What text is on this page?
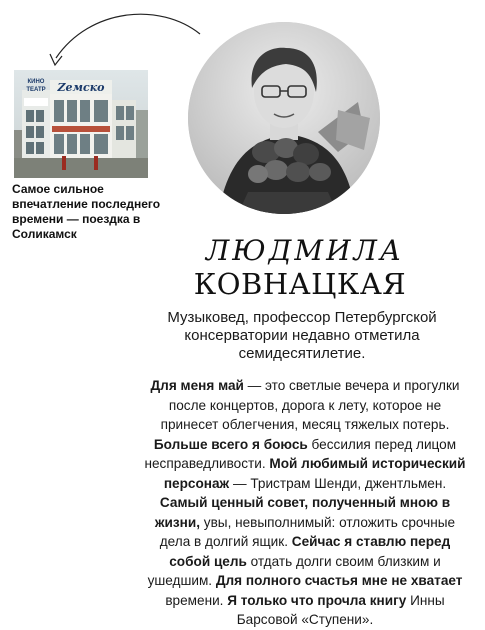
КИНО
ТЕАТР Zeмско
Самое сильное впечатление последнего времени — поездка в Соликамск	ЛЮДМИЛА
КОВНАЦКАЯ
Музыковед, профессор Петербургской консерватории недавно отметила семидесятилетие.
Для меня май — это светлые вечера и прогулки после концертов, дорога к лету, которое не принесет облегчения, месяц тяжелых потерь. Больше всего я боюсь бессилия перед лицом несправедливости. Мой любимый исторический персонаж — Тристрам Шенди, джентльмен. Самый ценный совет, полученный мною в жизни, увы, невыполнимый: отложить срочные дела в долгий ящик. Сейчас я ставлю перед собой цель отдать долги своим близким и ушедшим. Для полного счастья мне не хватает времени. Я только что прочла книгу Инны Барсовой «Ступени».
